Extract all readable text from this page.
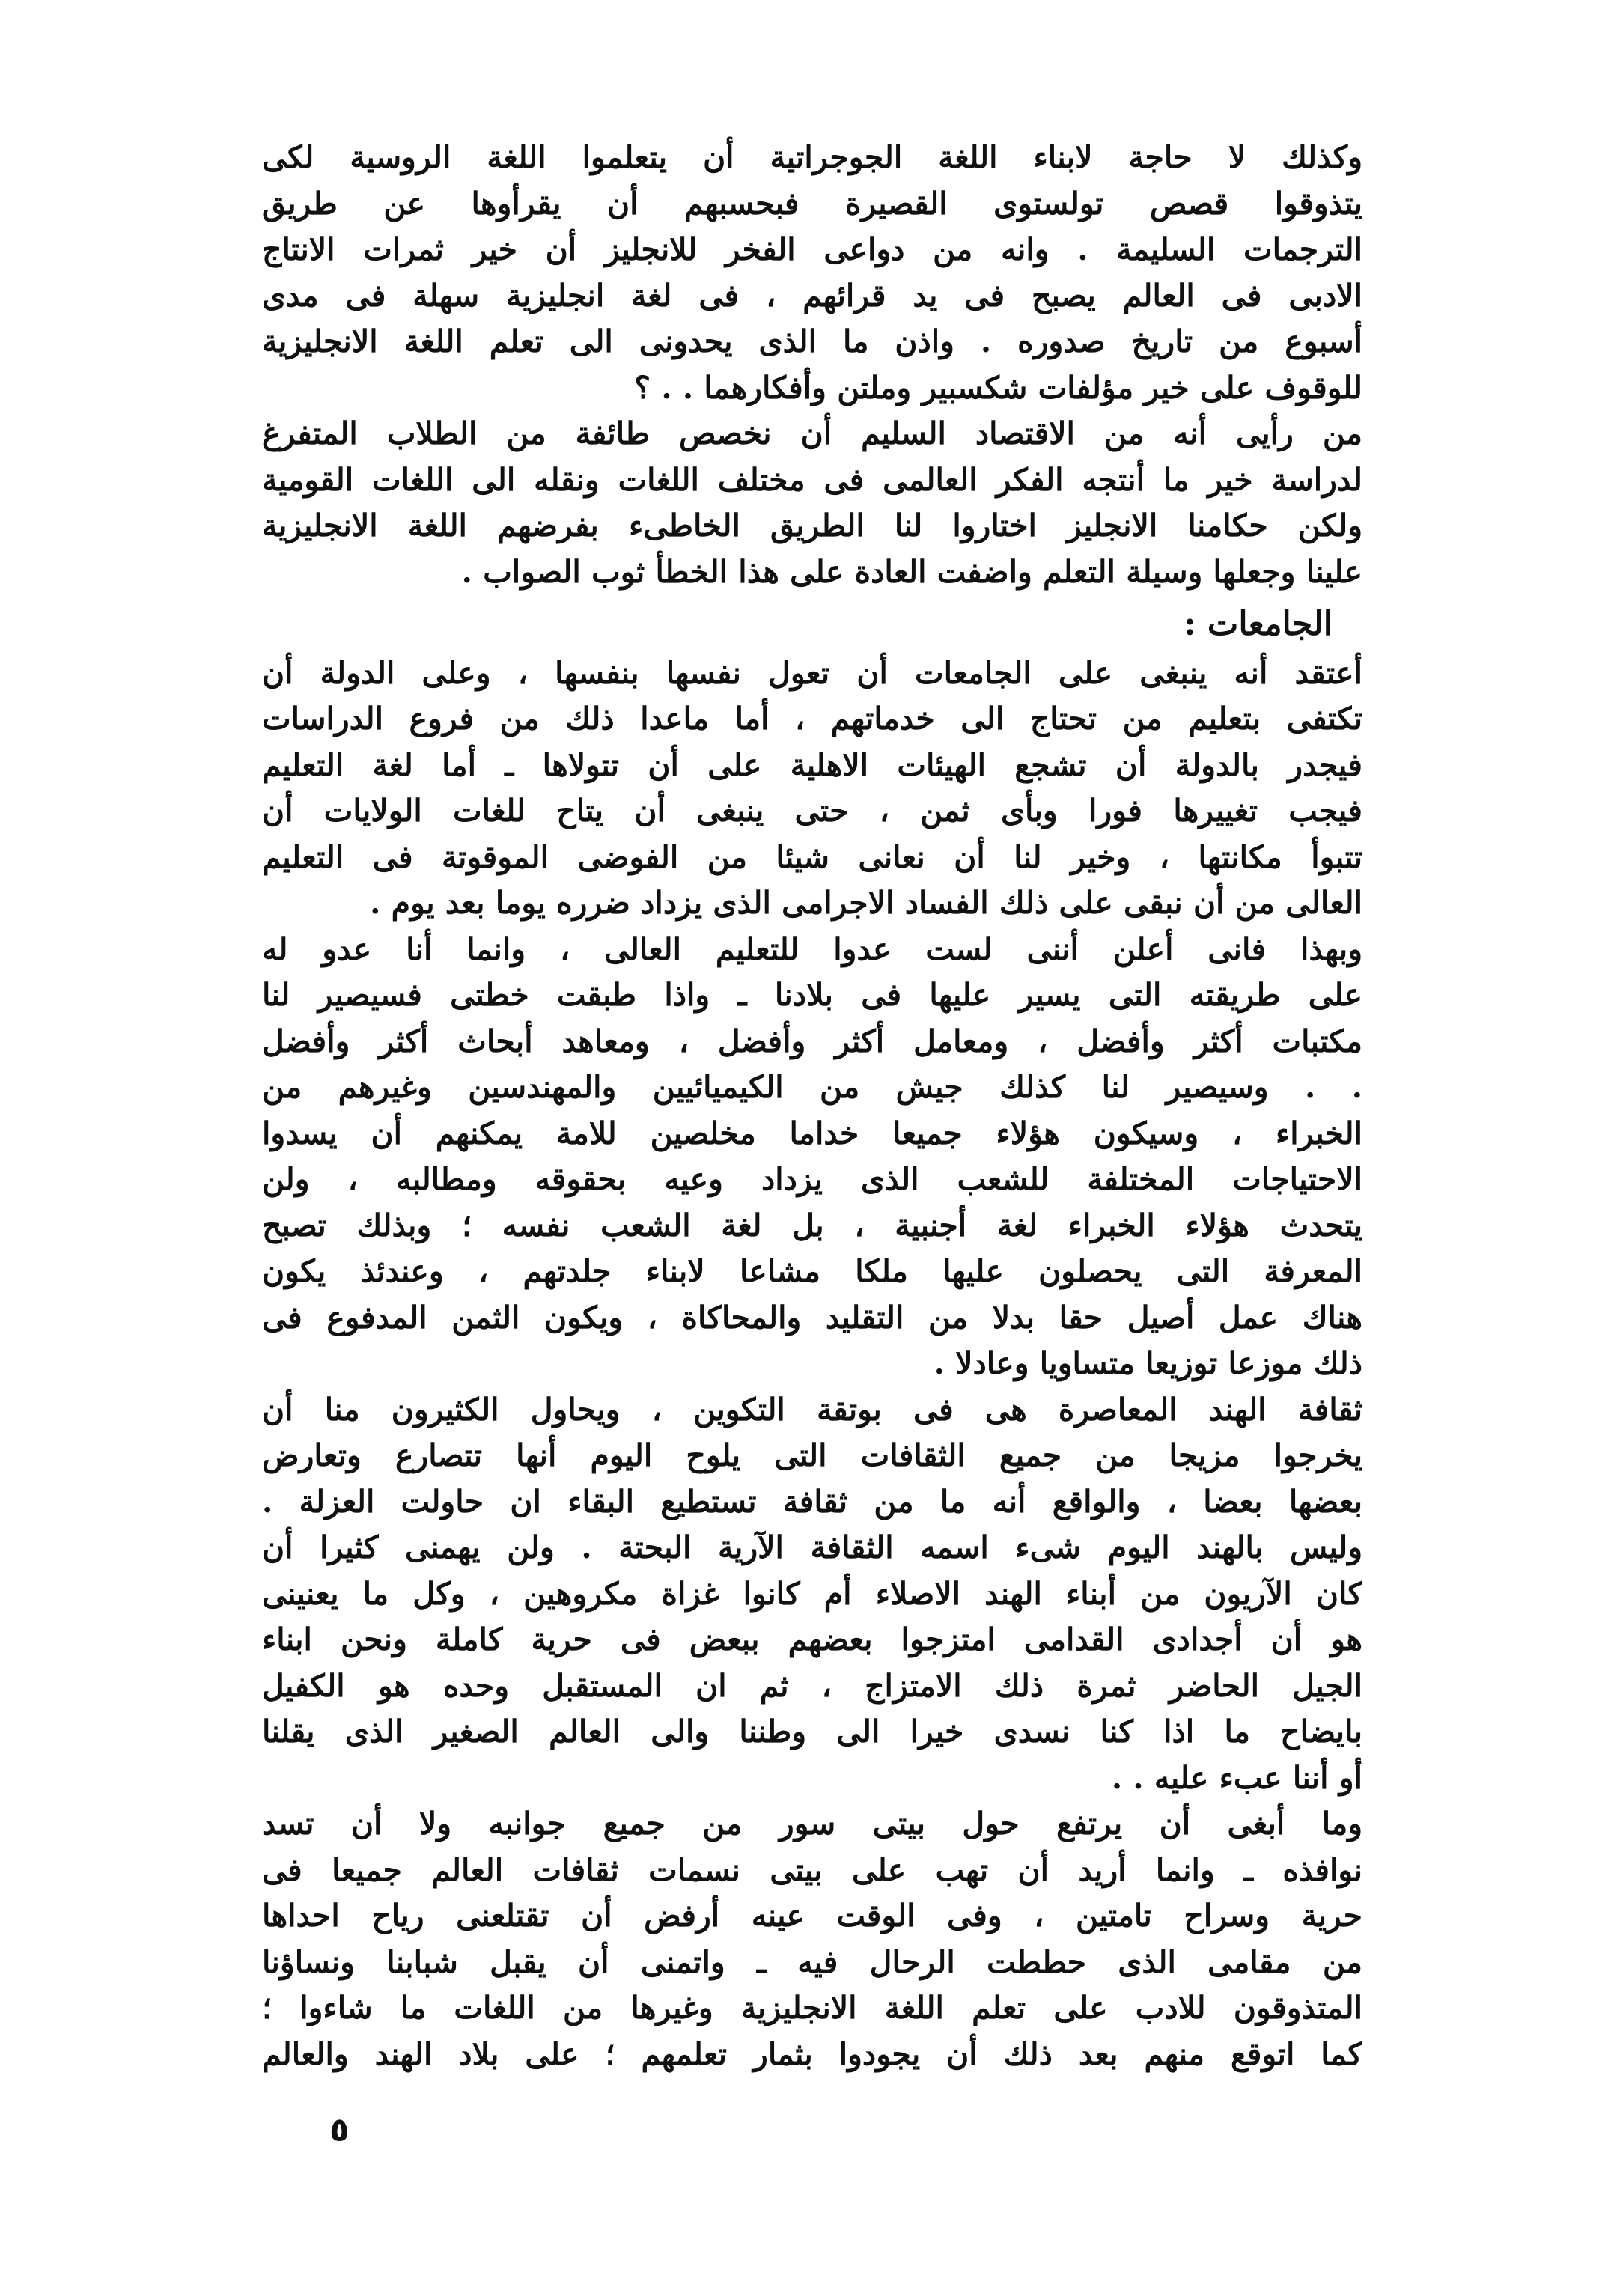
وكذلك لا حاجة لابناء اللغة الجوجراتية أن يتعلموا اللغة الروسية لكى
يتذوقوا قصص تولستوى القصيرة فبحسبهم أن يقرأوها عن طريق
الترجمات السليمة . وانه من دواعى الفخر للانجليز أن خير ثمرات الانتاج
الادبى فى العالم يصبح فى يد قرائهم ، فى لغة انجليزية سهلة فى مدى
أسبوع من تاريخ صدوره . واذن ما الذى يحدونى الى تعلم اللغة الانجليزية
للوقوف على خير مؤلفات شكسبير وملتن وأفكارهما . . ؟
من رأيى أنه من الاقتصاد السليم أن نخصص طائفة من الطلاب المتفرغ
لدراسة خير ما أنتجه الفكر العالمى فى مختلف اللغات ونقله الى اللغات القومية
ولكن حكامنا الانجليز اختاروا لنا الطريق الخاطىء بفرضهم اللغة الانجليزية
علينا وجعلها وسيلة التعلم واضفت العادة على هذا الخطأ ثوب الصواب .
الجامعات :
أعتقد أنه ينبغى على الجامعات أن تعول نفسها بنفسها ، وعلى الدولة أن
تكتفى بتعليم من تحتاج الى خدماتهم ، أما ماعدا ذلك من فروع الدراسات
فيجدر بالدولة أن تشجع الهيئات الاهلية على أن تتولاها ـ أما لغة التعليم
فيجب تغييرها فورا وبأى ثمن ، حتى ينبغى أن يتاح للغات الولايات أن
تتبوأ مكانتها ، وخير لنا أن نعانى شيئا من الفوضى الموقوتة فى التعليم
العالى من أن نبقى على ذلك الفساد الاجرامى الذى يزداد ضرره يوما بعد يوم .
وبهذا فانى أعلن أننى لست عدوا للتعليم العالى ، وانما أنا عدو له
على طريقته التى يسير عليها فى بلادنا ـ واذا طبقت خطتى فسيصير لنا
مكتبات أكثر وأفضل ، ومعامل أكثر وأفضل ، ومعاهد أبحاث أكثر وأفضل
. . وسيصير لنا كذلك جيش من الكيميائيين والمهندسين وغيرهم من
الخبراء ، وسيكون هؤلاء جميعا خداما مخلصين للامة يمكنهم أن يسدوا
الاحتياجات المختلفة للشعب الذى يزداد وعيه بحقوقه ومطالبه ، ولن
يتحدث هؤلاء الخبراء لغة أجنبية ، بل لغة الشعب نفسه ؛ وبذلك تصبح
المعرفة التى يحصلون عليها ملكا مشاعا لابناء جلدتهم ، وعندئذ يكون
هناك عمل أصيل حقا بدلا من التقليد والمحاكاة ، ويكون الثمن المدفوع فى
ذلك موزعا توزيعا متساويا وعادلا .
ثقافة الهند المعاصرة هى فى بوتقة التكوين ، ويحاول الكثيرون منا أن
يخرجوا مزيجا من جميع الثقافات التى يلوح اليوم أنها تتصارع وتعارض
بعضها بعضا ، والواقع أنه ما من ثقافة تستطيع البقاء ان حاولت العزلة .
وليس بالهند اليوم شىء اسمه الثقافة الآرية البحتة . ولن يهمنى كثيرا أن
كان الآريون من أبناء الهند الاصلاء أم كانوا غزاة مكروهين ، وكل ما يعنينى
هو أن أجدادى القدامى امتزجوا بعضهم ببعض فى حرية كاملة ونحن ابناء
الجيل الحاضر ثمرة ذلك الامتزاج ، ثم ان المستقبل وحده هو الكفيل
بايضاح ما اذا كنا نسدى خيرا الى وطننا والى العالم الصغير الذى يقلنا
أو أننا عبء عليه . .
وما أبغى أن يرتفع حول بيتى سور من جميع جوانبه ولا أن تسد
نوافذه ـ وانما أريد أن تهب على بيتى نسمات ثقافات العالم جميعا فى
حرية وسراح تامتين ، وفى الوقت عينه أرفض أن تقتلعنى رياح احداها
من مقامى الذى حططت الرحال فيه ـ واتمنى أن يقبل شبابنا ونساؤنا
المتذوقون للادب على تعلم اللغة الانجليزية وغيرها من اللغات ما شاءوا ؛
كما اتوقع منهم بعد ذلك أن يجودوا بثمار تعلمهم ؛ على بلاد الهند والعالم
٥
